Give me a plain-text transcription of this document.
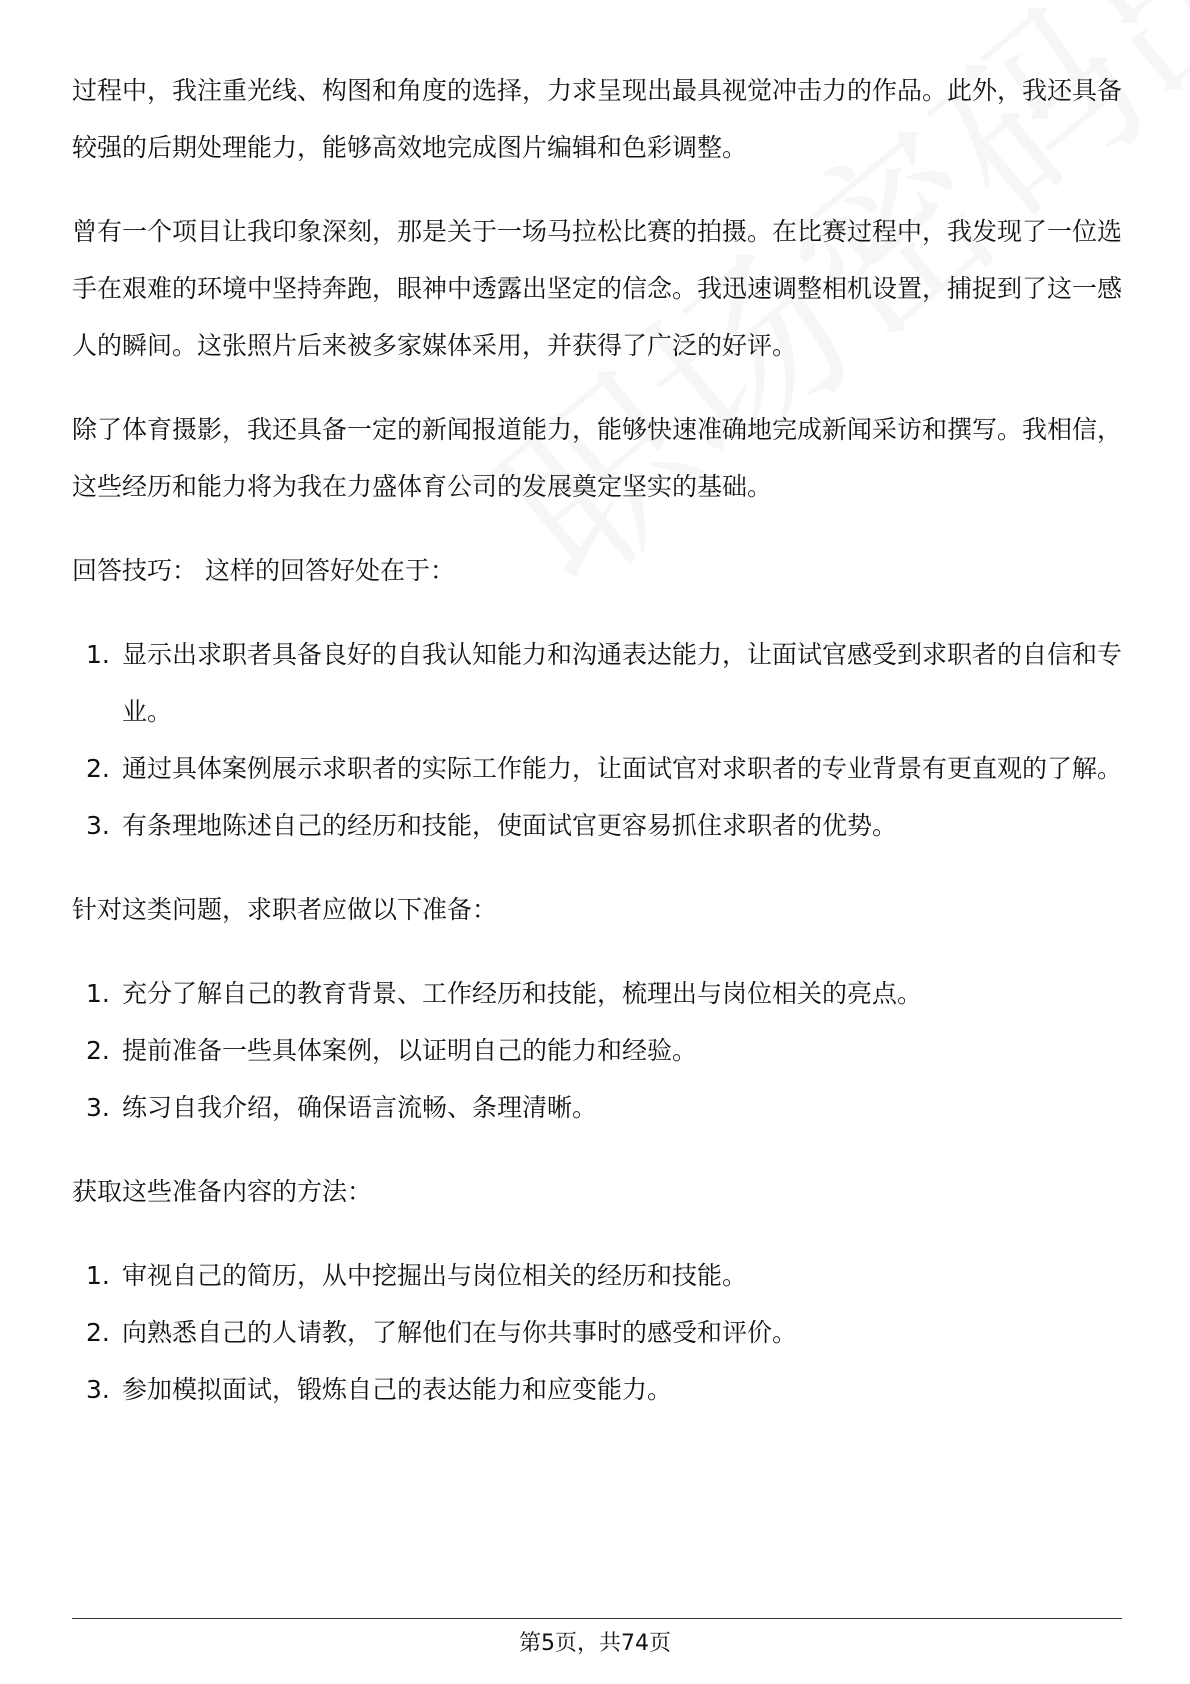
过程中，我注重光线、构图和角度的选择，力求呈现出最具视觉冲击力的作品。此外，我还具备较强的后期处理能力，能够高效地完成图片编辑和色彩调整。

曾有一个项目让我印象深刻，那是关于一场马拉松比赛的拍摄。在比赛过程中，我发现了一位选手在艰难的环境中坚持奔跑，眼神中透露出坚定的信念。我迅速调整相机设置，捕捉到了这一感人的瞬间。这张照片后来被多家媒体采用，并获得了广泛的好评。

除了体育摄影，我还具备一定的新闻报道能力，能够快速准确地完成新闻采访和撰写。我相信，这些经历和能力将为我在力盛体育公司的发展奠定坚实的基础。

回答技巧： 这样的回答好处在于：

1. 显示出求职者具备良好的自我认知能力和沟通表达能力，让面试官感受到求职者的自信和专业。
2. 通过具体案例展示求职者的实际工作能力，让面试官对求职者的专业背景有更直观的了解。
3. 有条理地陈述自己的经历和技能，使面试官更容易抓住求职者的优势。

针对这类问题，求职者应做以下准备：

1. 充分了解自己的教育背景、工作经历和技能，梳理出与岗位相关的亮点。
2. 提前准备一些具体案例，以证明自己的能力和经验。
3. 练习自我介绍，确保语言流畅、条理清晰。

获取这些准备内容的方法：

1. 审视自己的简历，从中挖掘出与岗位相关的经历和技能。
2. 向熟悉自己的人请教，了解他们在与你共事时的感受和评价。
3. 参加模拟面试，锻炼自己的表达能力和应变能力。
第5页，共74页
